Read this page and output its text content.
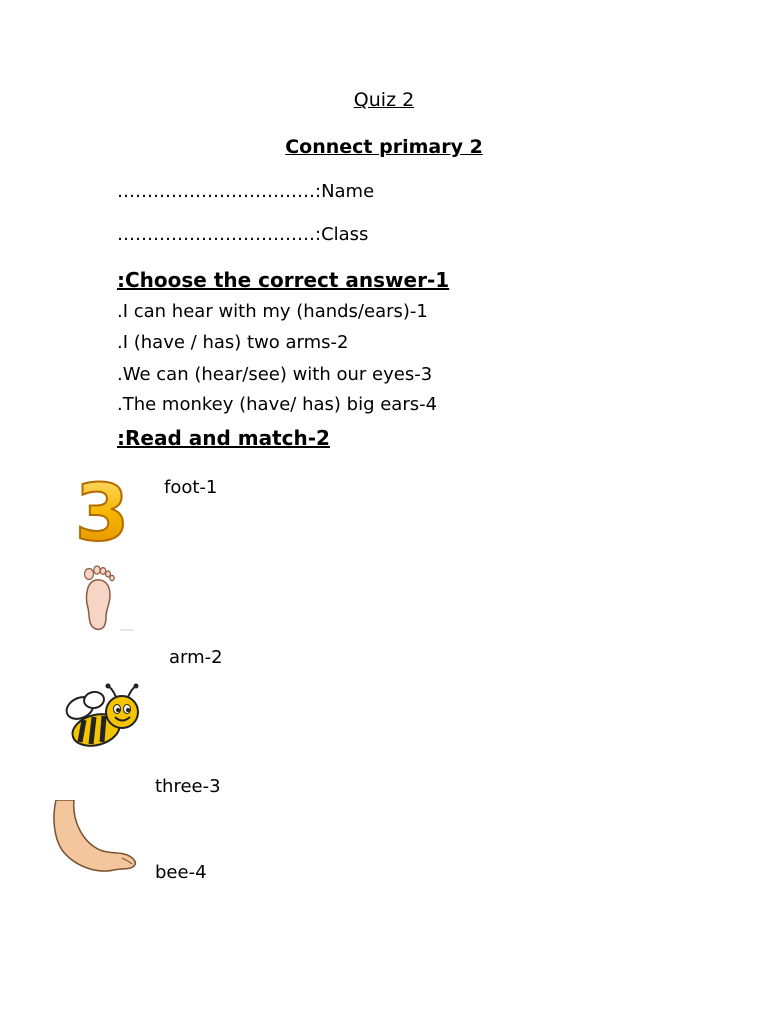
Quiz 2
Connect primary 2
……………………………:Name
……………………………:Class
:Choose the correct answer-1
.I can hear with my (hands/ears)-1
.I (have / has) two arms-2
.We can (hear/see) with our eyes-3
.The monkey (have/ has) big ears-4
:Read and match-2
foot-1
arm-2
three-3
bee-4
3
